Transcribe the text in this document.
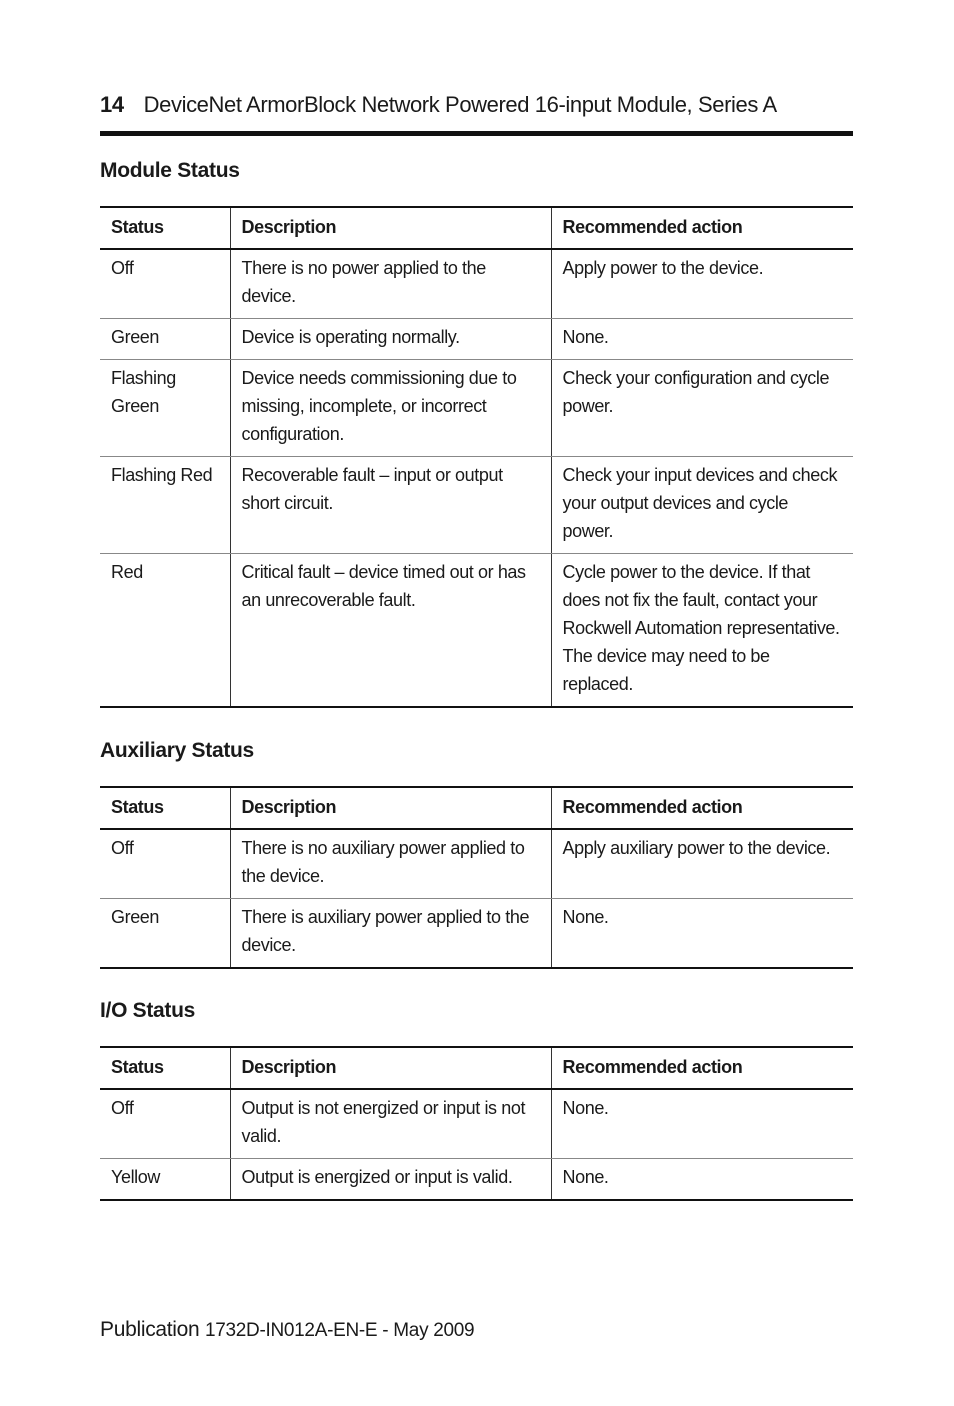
14 DeviceNet ArmorBlock Network Powered 16-input Module, Series A
Module Status
Status	Description	Recommended action
Off	There is no power applied to the device.	Apply power to the device.
Green	Device is operating normally.	None.
Flashing Green	Device needs commissioning due to missing, incomplete, or incorrect configuration.	Check your configuration and cycle power.
Flashing Red	Recoverable fault – input or output short circuit.	Check your input devices and check your output devices and cycle power.
Red	Critical fault – device timed out or has an unrecoverable fault.	Cycle power to the device. If that does not fix the fault, contact your Rockwell Automation representative. The device may need to be replaced.
Auxiliary Status
Status	Description	Recommended action
Off	There is no auxiliary power applied to the device.	Apply auxiliary power to the device.
Green	There is auxiliary power applied to the device.	None.
I/O Status
Status	Description	Recommended action
Off	Output is not energized or input is not valid.	None.
Yellow	Output is energized or input is valid.	None.
Publication 1732D-IN012A-EN-E - May 2009
